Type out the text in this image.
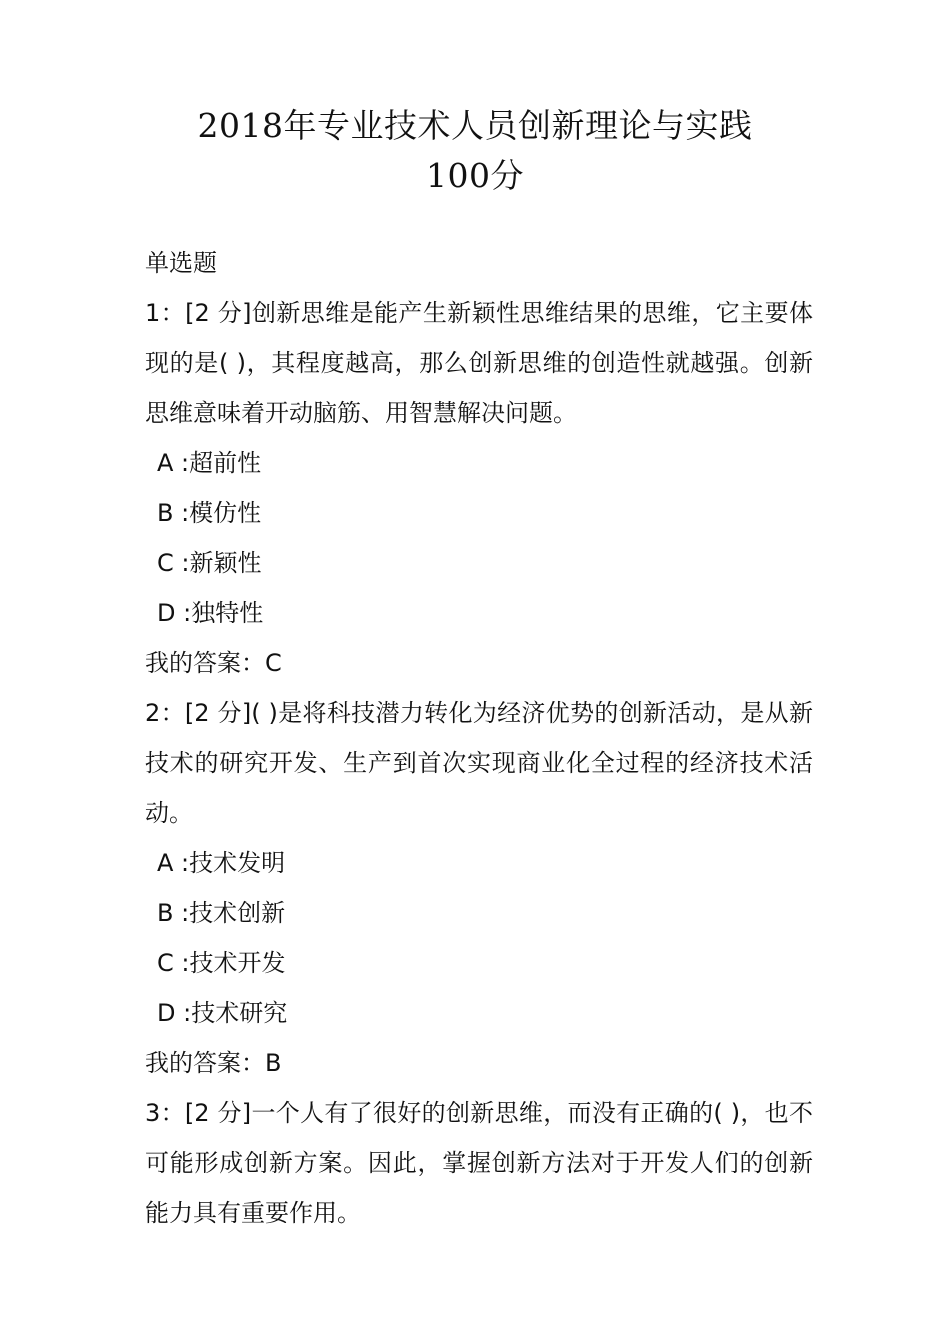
2018年专业技术人员创新理论与实践
100分
单选题
1：[2 分]创新思维是能产生新颖性思维结果的思维，它主要体现的是( )，其程度越高，那么创新思维的创造性就越强。创新思维意味着开动脑筋、用智慧解决问题。
A :超前性
B :模仿性
C :新颖性
D :独特性
我的答案：C
2：[2 分]( )是将科技潜力转化为经济优势的创新活动，是从新技术的研究开发、生产到首次实现商业化全过程的经济技术活动。
A :技术发明
B :技术创新
C :技术开发
D :技术研究
我的答案：B
3：[2 分]一个人有了很好的创新思维，而没有正确的( )，也不可能形成创新方案。因此，掌握创新方法对于开发人们的创新能力具有重要作用。
